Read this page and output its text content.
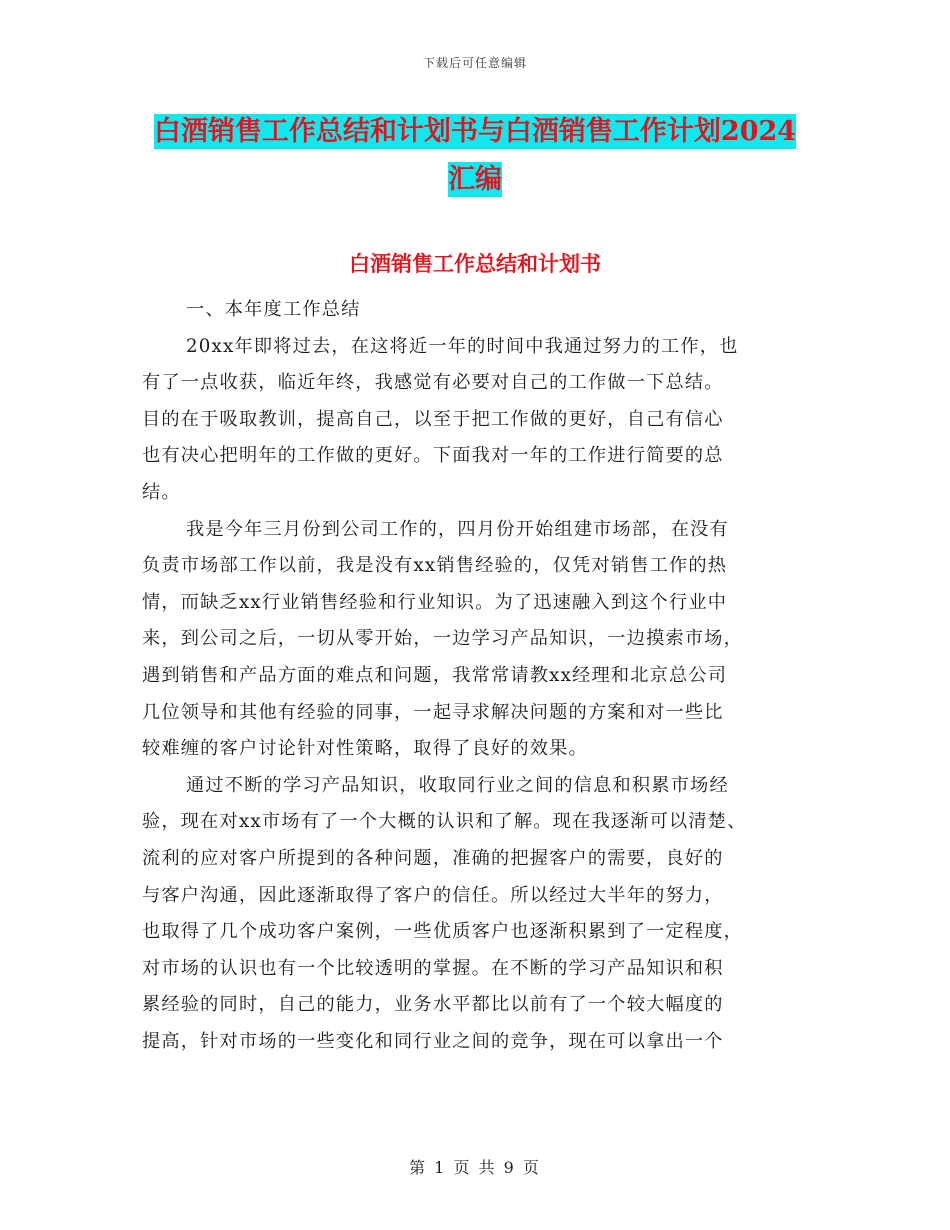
下载后可任意编辑
白酒销售工作总结和计划书与白酒销售工作计划2024
汇编
白酒销售工作总结和计划书
一、本年度工作总结
20xx年即将过去，在这将近一年的时间中我通过努力的工作，也
有了一点收获，临近年终，我感觉有必要对自己的工作做一下总结。
目的在于吸取教训，提高自己，以至于把工作做的更好，自己有信心
也有决心把明年的工作做的更好。下面我对一年的工作进行简要的总
结。
我是今年三月份到公司工作的，四月份开始组建市场部，在没有
负责市场部工作以前，我是没有xx销售经验的，仅凭对销售工作的热
情，而缺乏xx行业销售经验和行业知识。为了迅速融入到这个行业中
来，到公司之后，一切从零开始，一边学习产品知识，一边摸索市场，
遇到销售和产品方面的难点和问题，我常常请教xx经理和北京总公司
几位领导和其他有经验的同事，一起寻求解决问题的方案和对一些比
较难缠的客户讨论针对性策略，取得了良好的效果。
通过不断的学习产品知识，收取同行业之间的信息和积累市场经
验，现在对xx市场有了一个大概的认识和了解。现在我逐渐可以清楚、
流利的应对客户所提到的各种问题，准确的把握客户的需要，良好的
与客户沟通，因此逐渐取得了客户的信任。所以经过大半年的努力，
也取得了几个成功客户案例，一些优质客户也逐渐积累到了一定程度，
对市场的认识也有一个比较透明的掌握。在不断的学习产品知识和积
累经验的同时，自己的能力，业务水平都比以前有了一个较大幅度的
提高，针对市场的一些变化和同行业之间的竞争，现在可以拿出一个
第 1 页 共 9 页
